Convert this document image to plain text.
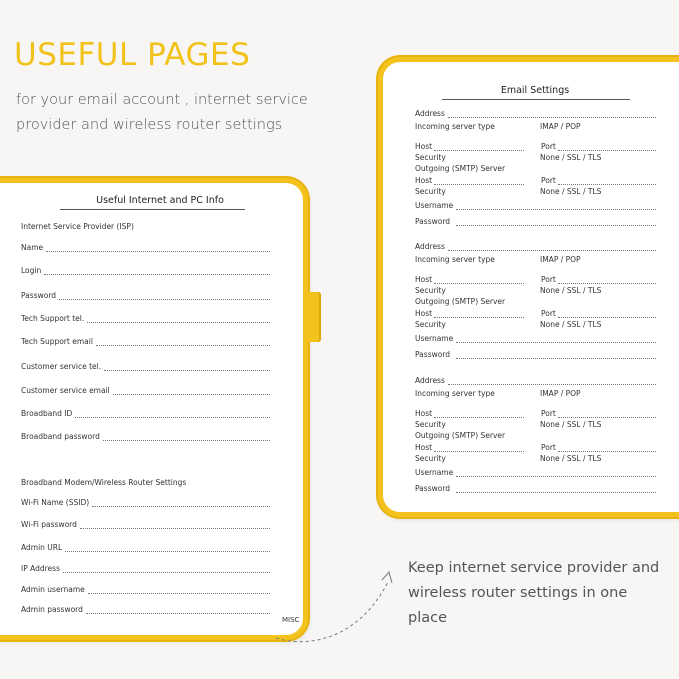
USEFUL PAGES
for your email account , internet service provider and wireless router settings
Useful Internet and PC Info
Internet Service Provider (ISP)
Name
Login
Password
Tech Support tel.
Tech Support email
Customer service tel.
Customer service email
Broadband ID
Broadband password
Broadband Modem/Wireless Router Settings
Wi-Fi Name (SSID)
Wi-Fi password
Admin URL
IP Address
Admin username
Admin password
MISC
Email Settings
Address
Incoming server type	IMAP / POP
Host	Port
Security	None / SSL / TLS
Outgoing (SMTP) Server
Host	Port
Security	None / SSL / TLS
Username
Password
Address
Incoming server type	IMAP / POP
Host	Port
Security	None / SSL / TLS
Outgoing (SMTP) Server
Host	Port
Security	None / SSL / TLS
Username
Password
Address
Incoming server type	IMAP / POP
Host	Port
Security	None / SSL / TLS
Outgoing (SMTP) Server
Host	Port
Security	None / SSL / TLS
Username
Password
Keep internet service provider and wireless router settings in one place
